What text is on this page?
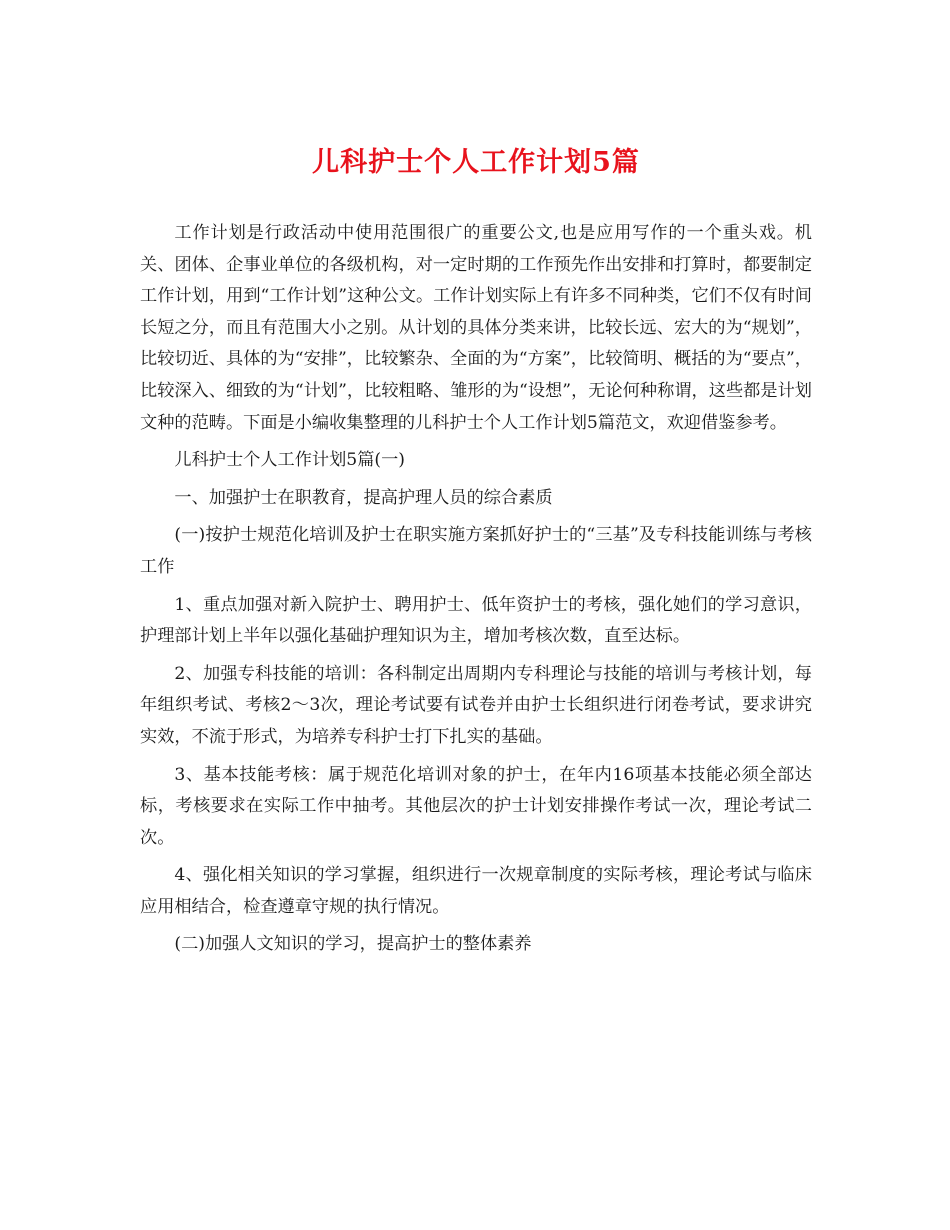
儿科护士个人工作计划5篇

工作计划是行政活动中使用范围很广的重要公文,也是应用写作的一个重头戏。机关、团体、企事业单位的各级机构，对一定时期的工作预先作出安排和打算时，都要制定工作计划，用到“工作计划”这种公文。工作计划实际上有许多不同种类，它们不仅有时间长短之分，而且有范围大小之别。从计划的具体分类来讲，比较长远、宏大的为“规划”，比较切近、具体的为“安排”，比较繁杂、全面的为“方案”，比较简明、概括的为“要点”，比较深入、细致的为“计划”，比较粗略、雏形的为“设想”，无论何种称谓，这些都是计划文种的范畴。下面是小编收集整理的儿科护士个人工作计划5篇范文，欢迎借鉴参考。

儿科护士个人工作计划5篇(一)

一、加强护士在职教育，提高护理人员的综合素质

(一)按护士规范化培训及护士在职实施方案抓好护士的“三基”及专科技能训练与考核工作

1、重点加强对新入院护士、聘用护士、低年资护士的考核，强化她们的学习意识，护理部计划上半年以强化基础护理知识为主，增加考核次数，直至达标。

2、加强专科技能的培训：各科制定出周期内专科理论与技能的培训与考核计划，每年组织考试、考核2～3次，理论考试要有试卷并由护士长组织进行闭卷考试，要求讲究实效，不流于形式，为培养专科护士打下扎实的基础。

3、基本技能考核：属于规范化培训对象的护士，在年内16项基本技能必须全部达标，考核要求在实际工作中抽考。其他层次的护士计划安排操作考试一次，理论考试二次。

4、强化相关知识的学习掌握，组织进行一次规章制度的实际考核，理论考试与临床应用相结合，检查遵章守规的执行情况。

(二)加强人文知识的学习，提高护士的整体素养
